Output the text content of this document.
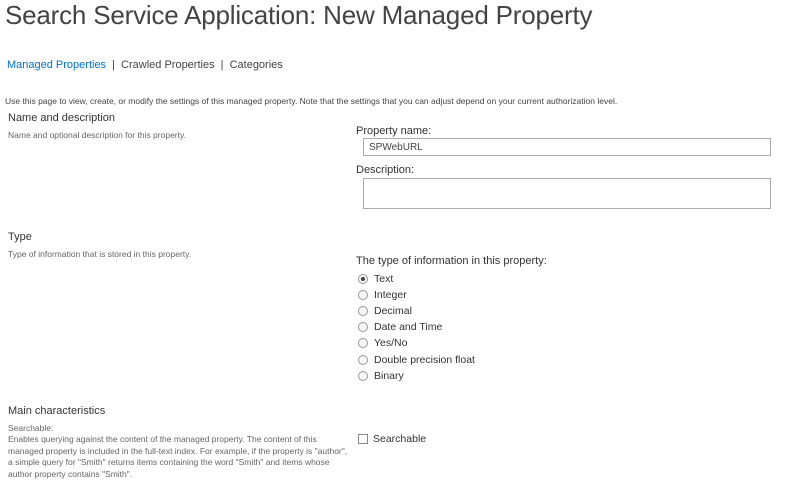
Search Service Application: New Managed Property
Managed Properties | Crawled Properties | Categories
Use this page to view, create, or modify the settings of this managed property. Note that the settings that you can adjust depend on your current authorization level.
Name and description
Name and optional description for this property.	Property name:
SPWebURL
Description:
Type
Type of information that is stored in this property.
The type of information in this property:
Text
Integer
Decimal
Date and Time
Yes/No
Double precision float
Binary
Main characteristics
Searchable:
Enables querying against the content of the managed property. The content of this managed property is included in the full-text index. For example, if the property is "author", a simple query for "Smith" returns items containing the word "Smith" and items whose author property contains "Smith".
Searchable
